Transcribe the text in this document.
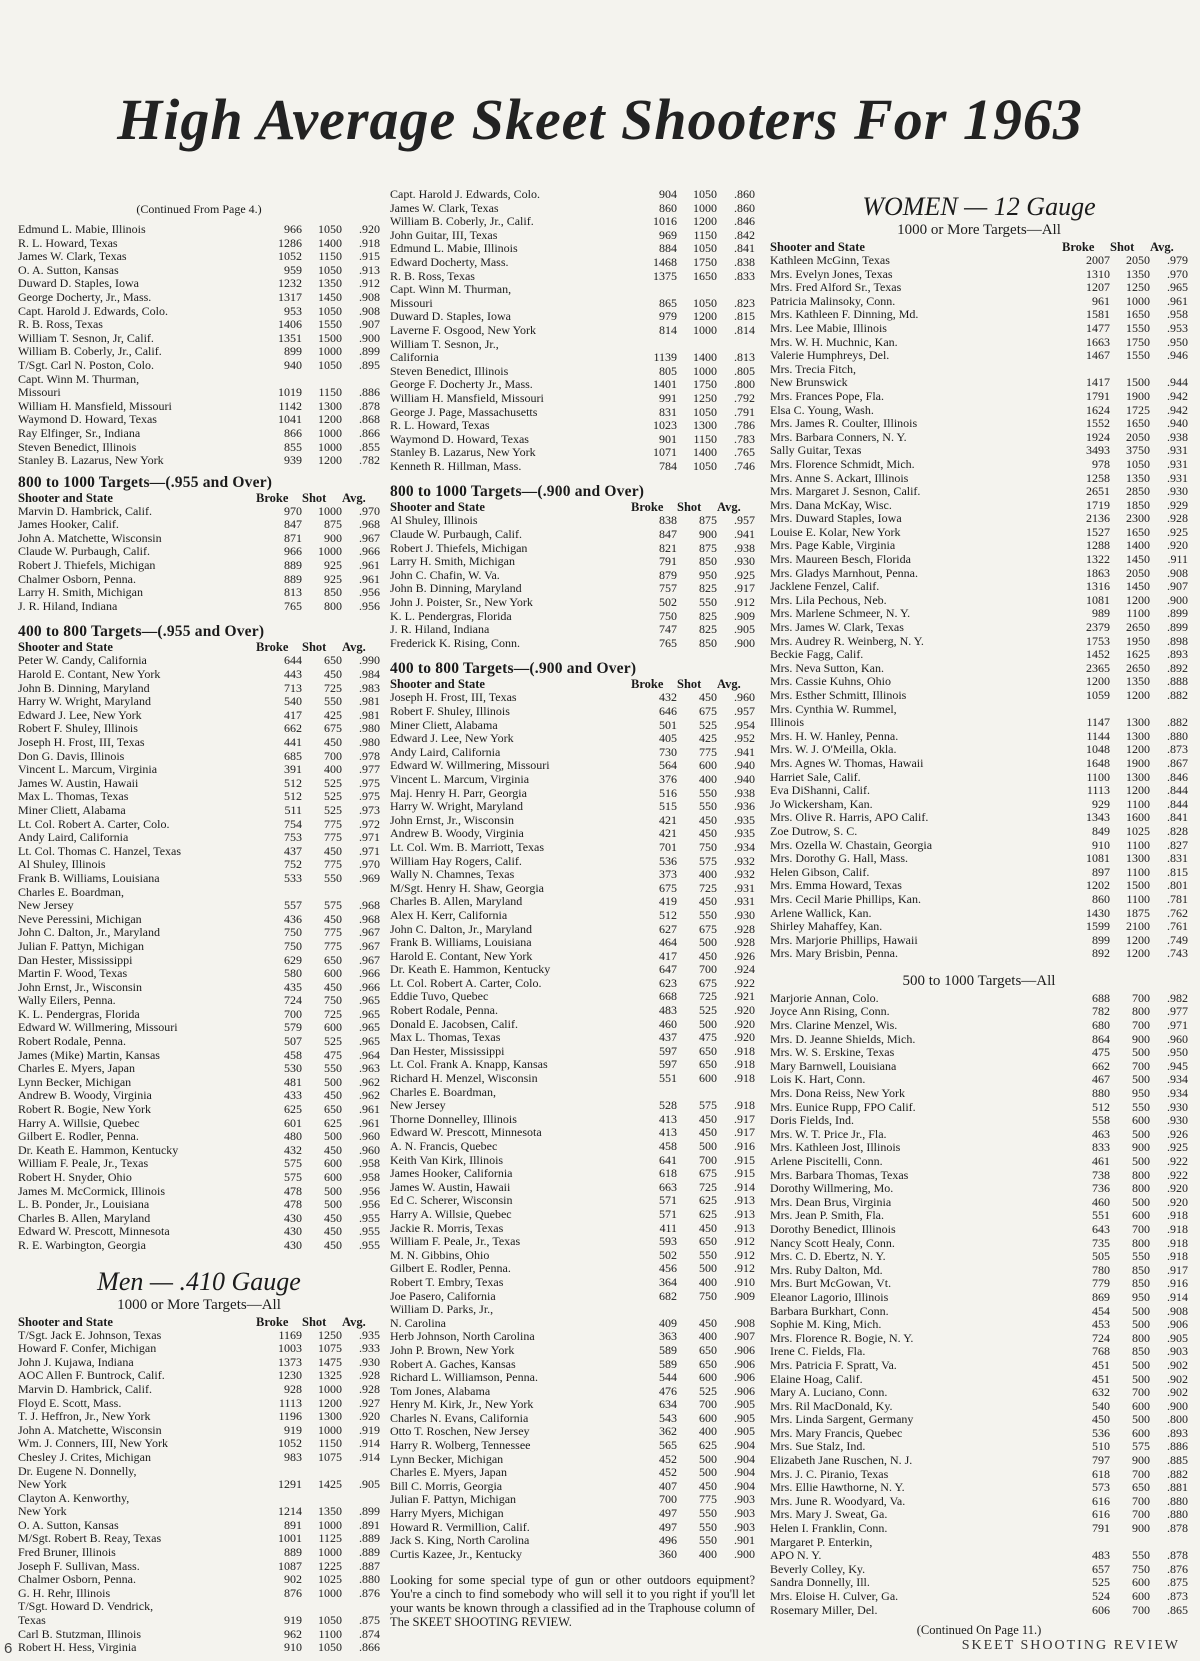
High Average Skeet Shooters For 1963
(Continued From Page 4.)
Edmund L. Mabie, Illinois	966	1050	.920
R. L. Howard, Texas	1286	1400	.918
James W. Clark, Texas	1052	1150	.915
O. A. Sutton, Kansas	959	1050	.913
Duward D. Staples, Iowa	1232	1350	.912
George Docherty, Jr., Mass.	1317	1450	.908
Capt. Harold J. Edwards, Colo.	953	1050	.908
R. B. Ross, Texas	1406	1550	.907
William T. Sesnon, Jr, Calif.	1351	1500	.900
William B. Coberly, Jr., Calif.	899	1000	.899
T/Sgt. Carl N. Poston, Colo.	940	1050	.895
Capt. Winn M. Thurman,
Missouri	1019	1150	.886
William H. Mansfield, Missouri	1142	1300	.878
Waymond D. Howard, Texas	1041	1200	.868
Ray Elfinger, Sr., Indiana	866	1000	.866
Steven Benedict, Illinois	855	1000	.855
Stanley B. Lazarus, New York	939	1200	.782
800 to 1000 Targets—(.955 and Over)
Shooter and State	Broke	Shot	Avg.
Marvin D. Hambrick, Calif.	970	1000	.970
James Hooker, Calif.	847	875	.968
John A. Matchette, Wisconsin	871	900	.967
Claude W. Purbaugh, Calif.	966	1000	.966
Robert J. Thiefels, Michigan	889	925	.961
Chalmer Osborn, Penna.	889	925	.961
Larry H. Smith, Michigan	813	850	.956
J. R. Hiland, Indiana	765	800	.956
400 to 800 Targets—(.955 and Over)
Shooter and State	Broke	Shot	Avg.
Peter W. Candy, California	644	650	.990
Harold E. Contant, New York	443	450	.984
John B. Dinning, Maryland	713	725	.983
Harry W. Wright, Maryland	540	550	.981
Edward J. Lee, New York	417	425	.981
Robert F. Shuley, Illinois	662	675	.980
Joseph H. Frost, III, Texas	441	450	.980
Don G. Davis, Illinois	685	700	.978
Vincent L. Marcum, Virginia	391	400	.977
James W. Austin, Hawaii	512	525	.975
Max L. Thomas, Texas	512	525	.975
Miner Cliett, Alabama	511	525	.973
Lt. Col. Robert A. Carter, Colo.	754	775	.972
Andy Laird, California	753	775	.971
Lt. Col. Thomas C. Hanzel, Texas	437	450	.971
Al Shuley, Illinois	752	775	.970
Frank B. Williams, Louisiana	533	550	.969
Charles E. Boardman,
New Jersey	557	575	.968
Neve Peressini, Michigan	436	450	.968
John C. Dalton, Jr., Maryland	750	775	.967
Julian F. Pattyn, Michigan	750	775	.967
Dan Hester, Mississippi	629	650	.967
Martin F. Wood, Texas	580	600	.966
John Ernst, Jr., Wisconsin	435	450	.966
Wally Eilers, Penna.	724	750	.965
K. L. Pendergras, Florida	700	725	.965
Edward W. Willmering, Missouri	579	600	.965
Robert Rodale, Penna.	507	525	.965
James (Mike) Martin, Kansas	458	475	.964
Charles E. Myers, Japan	530	550	.963
Lynn Becker, Michigan	481	500	.962
Andrew B. Woody, Virginia	433	450	.962
Robert R. Bogie, New York	625	650	.961
Harry A. Willsie, Quebec	601	625	.961
Gilbert E. Rodler, Penna.	480	500	.960
Dr. Keath E. Hammon, Kentucky	432	450	.960
William F. Peale, Jr., Texas	575	600	.958
Robert H. Snyder, Ohio	575	600	.958
James M. McCormick, Illinois	478	500	.956
L. B. Ponder, Jr., Louisiana	478	500	.956
Charles B. Allen, Maryland	430	450	.955
Edward W. Prescott, Minnesota	430	450	.955
R. E. Warbington, Georgia	430	450	.955
Men — .410 Gauge
1000 or More Targets—All
Shooter and State	Broke	Shot	Avg.
T/Sgt. Jack E. Johnson, Texas	1169	1250	.935
Howard F. Confer, Michigan	1003	1075	.933
John J. Kujawa, Indiana	1373	1475	.930
AOC Allen F. Buntrock, Calif.	1230	1325	.928
Marvin D. Hambrick, Calif.	928	1000	.928
Floyd E. Scott, Mass.	1113	1200	.927
T. J. Heffron, Jr., New York	1196	1300	.920
John A. Matchette, Wisconsin	919	1000	.919
Wm. J. Conners, III, New York	1052	1150	.914
Chesley J. Crites, Michigan	983	1075	.914
Dr. Eugene N. Donnelly,
New York	1291	1425	.905
Clayton A. Kenworthy,
New York	1214	1350	.899
O. A. Sutton, Kansas	891	1000	.891
M/Sgt. Robert B. Reay, Texas	1001	1125	.889
Fred Bruner, Illinois	889	1000	.889
Joseph F. Sullivan, Mass.	1087	1225	.887
Chalmer Osborn, Penna.	902	1025	.880
G. H. Rehr, Illinois	876	1000	.876
T/Sgt. Howard D. Vendrick,
Texas	919	1050	.875
Carl B. Stutzman, Illinois	962	1100	.874
Robert H. Hess, Virginia	910	1050	.866
Capt. Harold J. Edwards, Colo.	904	1050	.860
James W. Clark, Texas	860	1000	.860
William B. Coberly, Jr., Calif.	1016	1200	.846
John Guitar, III, Texas	969	1150	.842
Edmund L. Mabie, Illinois	884	1050	.841
Edward Docherty, Mass.	1468	1750	.838
R. B. Ross, Texas	1375	1650	.833
Capt. Winn M. Thurman,
Missouri	865	1050	.823
Duward D. Staples, Iowa	979	1200	.815
Laverne F. Osgood, New York	814	1000	.814
William T. Sesnon, Jr.,
California	1139	1400	.813
Steven Benedict, Illinois	805	1000	.805
George F. Docherty Jr., Mass.	1401	1750	.800
William H. Mansfield, Missouri	991	1250	.792
George J. Page, Massachusetts	831	1050	.791
R. L. Howard, Texas	1023	1300	.786
Waymond D. Howard, Texas	901	1150	.783
Stanley B. Lazarus, New York	1071	1400	.765
Kenneth R. Hillman, Mass.	784	1050	.746
800 to 1000 Targets—(.900 and Over)
Shooter and State	Broke	Shot	Avg.
Al Shuley, Illinois	838	875	.957
Claude W. Purbaugh, Calif.	847	900	.941
Robert J. Thiefels, Michigan	821	875	.938
Larry H. Smith, Michigan	791	850	.930
John C. Chafin, W. Va.	879	950	.925
John B. Dinning, Maryland	757	825	.917
John J. Poister, Sr., New York	502	550	.912
K. L. Pendergras, Florida	750	825	.909
J. R. Hiland, Indiana	747	825	.905
Frederick K. Rising, Conn.	765	850	.900
400 to 800 Targets—(.900 and Over)
Shooter and State	Broke	Shot	Avg.
Joseph H. Frost, III, Texas	432	450	.960
Robert F. Shuley, Illinois	646	675	.957
Miner Cliett, Alabama	501	525	.954
Edward J. Lee, New York	405	425	.952
Andy Laird, California	730	775	.941
Edward W. Willmering, Missouri	564	600	.940
Vincent L. Marcum, Virginia	376	400	.940
Maj. Henry H. Parr, Georgia	516	550	.938
Harry W. Wright, Maryland	515	550	.936
John Ernst, Jr., Wisconsin	421	450	.935
Andrew B. Woody, Virginia	421	450	.935
Lt. Col. Wm. B. Marriott, Texas	701	750	.934
William Hay Rogers, Calif.	536	575	.932
Wally N. Chamnes, Texas	373	400	.932
M/Sgt. Henry H. Shaw, Georgia	675	725	.931
Charles B. Allen, Maryland	419	450	.931
Alex H. Kerr, California	512	550	.930
John C. Dalton, Jr., Maryland	627	675	.928
Frank B. Williams, Louisiana	464	500	.928
Harold E. Contant, New York	417	450	.926
Dr. Keath E. Hammon, Kentucky	647	700	.924
Lt. Col. Robert A. Carter, Colo.	623	675	.922
Eddie Tuvo, Quebec	668	725	.921
Robert Rodale, Penna.	483	525	.920
Donald E. Jacobsen, Calif.	460	500	.920
Max L. Thomas, Texas	437	475	.920
Dan Hester, Mississippi	597	650	.918
Lt. Col. Frank A. Knapp, Kansas	597	650	.918
Richard H. Menzel, Wisconsin	551	600	.918
Charles E. Boardman,
New Jersey	528	575	.918
Thorne Donnelley, Illinois	413	450	.917
Edward W. Prescott, Minnesota	413	450	.917
A. N. Francis, Quebec	458	500	.916
Keith Van Kirk, Illinois	641	700	.915
James Hooker, California	618	675	.915
James W. Austin, Hawaii	663	725	.914
Ed C. Scherer, Wisconsin	571	625	.913
Harry A. Willsie, Quebec	571	625	.913
Jackie R. Morris, Texas	411	450	.913
William F. Peale, Jr., Texas	593	650	.912
M. N. Gibbins, Ohio	502	550	.912
Gilbert E. Rodler, Penna.	456	500	.912
Robert T. Embry, Texas	364	400	.910
Joe Pasero, California	682	750	.909
William D. Parks, Jr.,
N. Carolina	409	450	.908
Herb Johnson, North Carolina	363	400	.907
John P. Brown, New York	589	650	.906
Robert A. Gaches, Kansas	589	650	.906
Richard L. Williamson, Penna.	544	600	.906
Tom Jones, Alabama	476	525	.906
Henry M. Kirk, Jr., New York	634	700	.905
Charles N. Evans, California	543	600	.905
Otto T. Roschen, New Jersey	362	400	.905
Harry R. Wolberg, Tennessee	565	625	.904
Lynn Becker, Michigan	452	500	.904
Charles E. Myers, Japan	452	500	.904
Bill C. Morris, Georgia	407	450	.904
Julian F. Pattyn, Michigan	700	775	.903
Harry Myers, Michigan	497	550	.903
Howard R. Vermillion, Calif.	497	550	.903
Jack S. King, North Carolina	496	550	.901
Curtis Kazee, Jr., Kentucky	360	400	.900
Looking for some special type of gun or other outdoors equipment? You're a cinch to find somebody who will sell it to you right if you'll let your wants be known through a classified ad in the Traphouse column of The SKEET SHOOTING REVIEW.
WOMEN — 12 Gauge
1000 or More Targets—All
Shooter and State	Broke	Shot	Avg.
Kathleen McGinn, Texas	2007	2050	.979
Mrs. Evelyn Jones, Texas	1310	1350	.970
Mrs. Fred Alford Sr., Texas	1207	1250	.965
Patricia Malinsoky, Conn.	961	1000	.961
Mrs. Kathleen F. Dinning, Md.	1581	1650	.958
Mrs. Lee Mabie, Illinois	1477	1550	.953
Mrs. W. H. Muchnic, Kan.	1663	1750	.950
Valerie Humphreys, Del.	1467	1550	.946
Mrs. Trecia Fitch,
New Brunswick	1417	1500	.944
Mrs. Frances Pope, Fla.	1791	1900	.942
Elsa C. Young, Wash.	1624	1725	.942
Mrs. James R. Coulter, Illinois	1552	1650	.940
Mrs. Barbara Conners, N. Y.	1924	2050	.938
Sally Guitar, Texas	3493	3750	.931
Mrs. Florence Schmidt, Mich.	978	1050	.931
Mrs. Anne S. Ackart, Illinois	1258	1350	.931
Mrs. Margaret J. Sesnon, Calif.	2651	2850	.930
Mrs. Dana McKay, Wisc.	1719	1850	.929
Mrs. Duward Staples, Iowa	2136	2300	.928
Louise E. Kolar, New York	1527	1650	.925
Mrs. Page Kable, Virginia	1288	1400	.920
Mrs. Maureen Besch, Florida	1322	1450	.911
Mrs. Gladys Marnhout, Penna.	1863	2050	.908
Jacklene Fenzel, Calif.	1316	1450	.907
Mrs. Lila Pechous, Neb.	1081	1200	.900
Mrs. Marlene Schmeer, N. Y.	989	1100	.899
Mrs. James W. Clark, Texas	2379	2650	.899
Mrs. Audrey R. Weinberg, N. Y.	1753	1950	.898
Beckie Fagg, Calif.	1452	1625	.893
Mrs. Neva Sutton, Kan.	2365	2650	.892
Mrs. Cassie Kuhns, Ohio	1200	1350	.888
Mrs. Esther Schmitt, Illinois	1059	1200	.882
Mrs. Cynthia W. Rummel,
Illinois	1147	1300	.882
Mrs. H. W. Hanley, Penna.	1144	1300	.880
Mrs. W. J. O'Meilla, Okla.	1048	1200	.873
Mrs. Agnes W. Thomas, Hawaii	1648	1900	.867
Harriet Sale, Calif.	1100	1300	.846
Eva DiShanni, Calif.	1113	1200	.844
Jo Wickersham, Kan.	929	1100	.844
Mrs. Olive R. Harris, APO Calif.	1343	1600	.841
Zoe Dutrow, S. C.	849	1025	.828
Mrs. Ozella W. Chastain, Georgia	910	1100	.827
Mrs. Dorothy G. Hall, Mass.	1081	1300	.831
Helen Gibson, Calif.	897	1100	.815
Mrs. Emma Howard, Texas	1202	1500	.801
Mrs. Cecil Marie Phillips, Kan.	860	1100	.781
Arlene Wallick, Kan.	1430	1875	.762
Shirley Mahaffey, Kan.	1599	2100	.761
Mrs. Marjorie Phillips, Hawaii	899	1200	.749
Mrs. Mary Brisbin, Penna.	892	1200	.743
500 to 1000 Targets—All
Marjorie Annan, Colo.	688	700	.982
Joyce Ann Rising, Conn.	782	800	.977
Mrs. Clarine Menzel, Wis.	680	700	.971
Mrs. D. Jeanne Shields, Mich.	864	900	.960
Mrs. W. S. Erskine, Texas	475	500	.950
Mary Barnwell, Louisiana	662	700	.945
Lois K. Hart, Conn.	467	500	.934
Mrs. Dona Reiss, New York	880	950	.934
Mrs. Eunice Rupp, FPO Calif.	512	550	.930
Doris Fields, Ind.	558	600	.930
Mrs. W. T. Price Jr., Fla.	463	500	.926
Mrs. Kathleen Jost, Illinois	833	900	.925
Arlene Piscitelli, Conn.	461	500	.922
Mrs. Barbara Thomas, Texas	738	800	.922
Dorothy Willmering, Mo.	736	800	.920
Mrs. Dean Brus, Virginia	460	500	.920
Mrs. Jean P. Smith, Fla.	551	600	.918
Dorothy Benedict, Illinois	643	700	.918
Nancy Scott Healy, Conn.	735	800	.918
Mrs. C. D. Ebertz, N. Y.	505	550	.918
Mrs. Ruby Dalton, Md.	780	850	.917
Mrs. Burt McGowan, Vt.	779	850	.916
Eleanor Lagorio, Illinois	869	950	.914
Barbara Burkhart, Conn.	454	500	.908
Sophie M. King, Mich.	453	500	.906
Mrs. Florence R. Bogie, N. Y.	724	800	.905
Irene C. Fields, Fla.	768	850	.903
Mrs. Patricia F. Spratt, Va.	451	500	.902
Elaine Hoag, Calif.	451	500	.902
Mary A. Luciano, Conn.	632	700	.902
Mrs. Ril MacDonald, Ky.	540	600	.900
Mrs. Linda Sargent, Germany	450	500	.800
Mrs. Mary Francis, Quebec	536	600	.893
Mrs. Sue Stalz, Ind.	510	575	.886
Elizabeth Jane Ruschen, N. J.	797	900	.885
Mrs. J. C. Piranio, Texas	618	700	.882
Mrs. Ellie Hawthorne, N. Y.	573	650	.881
Mrs. June R. Woodyard, Va.	616	700	.880
Mrs. Mary J. Sweat, Ga.	616	700	.880
Helen I. Franklin, Conn.	791	900	.878
Margaret P. Enterkin,
APO N. Y.	483	550	.878
Beverly Colley, Ky.	657	750	.876
Sandra Donnelly, Ill.	525	600	.875
Mrs. Eloise H. Culver, Ga.	524	600	.873
Rosemary Miller, Del.	606	700	.865
(Continued On Page 11.)
6	SKEET SHOOTING REVIEW
